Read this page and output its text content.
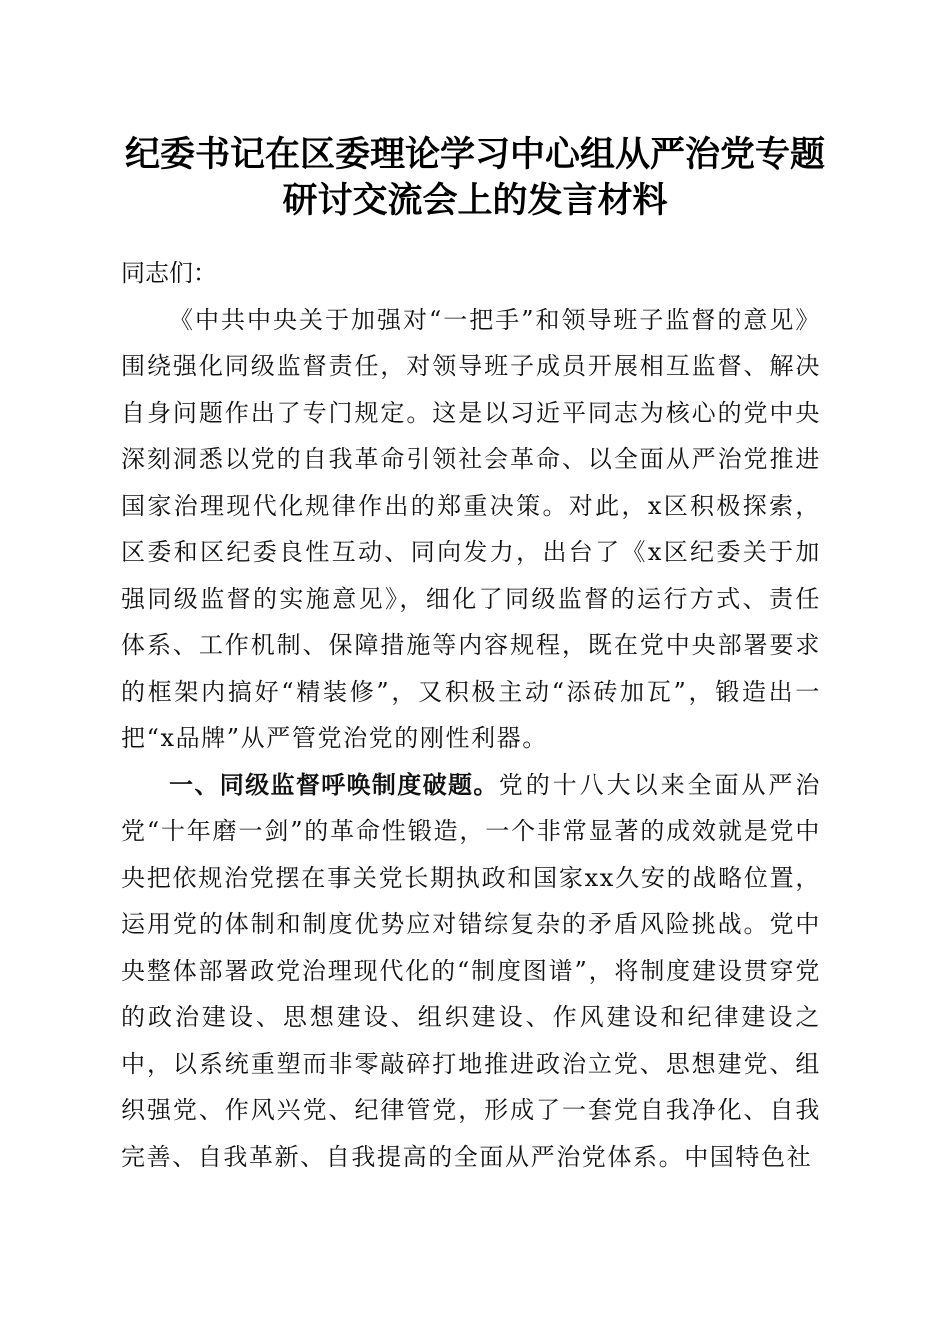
纪委书记在区委理论学习中心组从严治党专题
研讨交流会上的发言材料

同志们：

《中共中央关于加强对“一把手”和领导班子监督的意见》围绕强化同级监督责任，对领导班子成员开展相互监督、解决自身问题作出了专门规定。这是以习近平同志为核心的党中央深刻洞悉以党的自我革命引领社会革命、以全面从严治党推进国家治理现代化规律作出的郑重决策。对此，x区积极探索，区委和区纪委良性互动、同向发力，出台了《x区纪委关于加强同级监督的实施意见》，细化了同级监督的运行方式、责任体系、工作机制、保障措施等内容规程，既在党中央部署要求的框架内搞好“精装修”，又积极主动“添砖加瓦”，锻造出一把“x品牌”从严管党治党的刚性利器。

一、同级监督呼唤制度破题。党的十八大以来全面从严治党“十年磨一剑”的革命性锻造，一个非常显著的成效就是党中央把依规治党摆在事关党长期执政和国家xx久安的战略位置，运用党的体制和制度优势应对错综复杂的矛盾风险挑战。党中央整体部署政党治理现代化的“制度图谱”，将制度建设贯穿党的政治建设、思想建设、组织建设、作风建设和纪律建设之中，以系统重塑而非零敲碎打地推进政治立党、思想建党、组织强党、作风兴党、纪律管党，形成了一套党自我净化、自我完善、自我革新、自我提高的全面从严治党体系。中国特色社
